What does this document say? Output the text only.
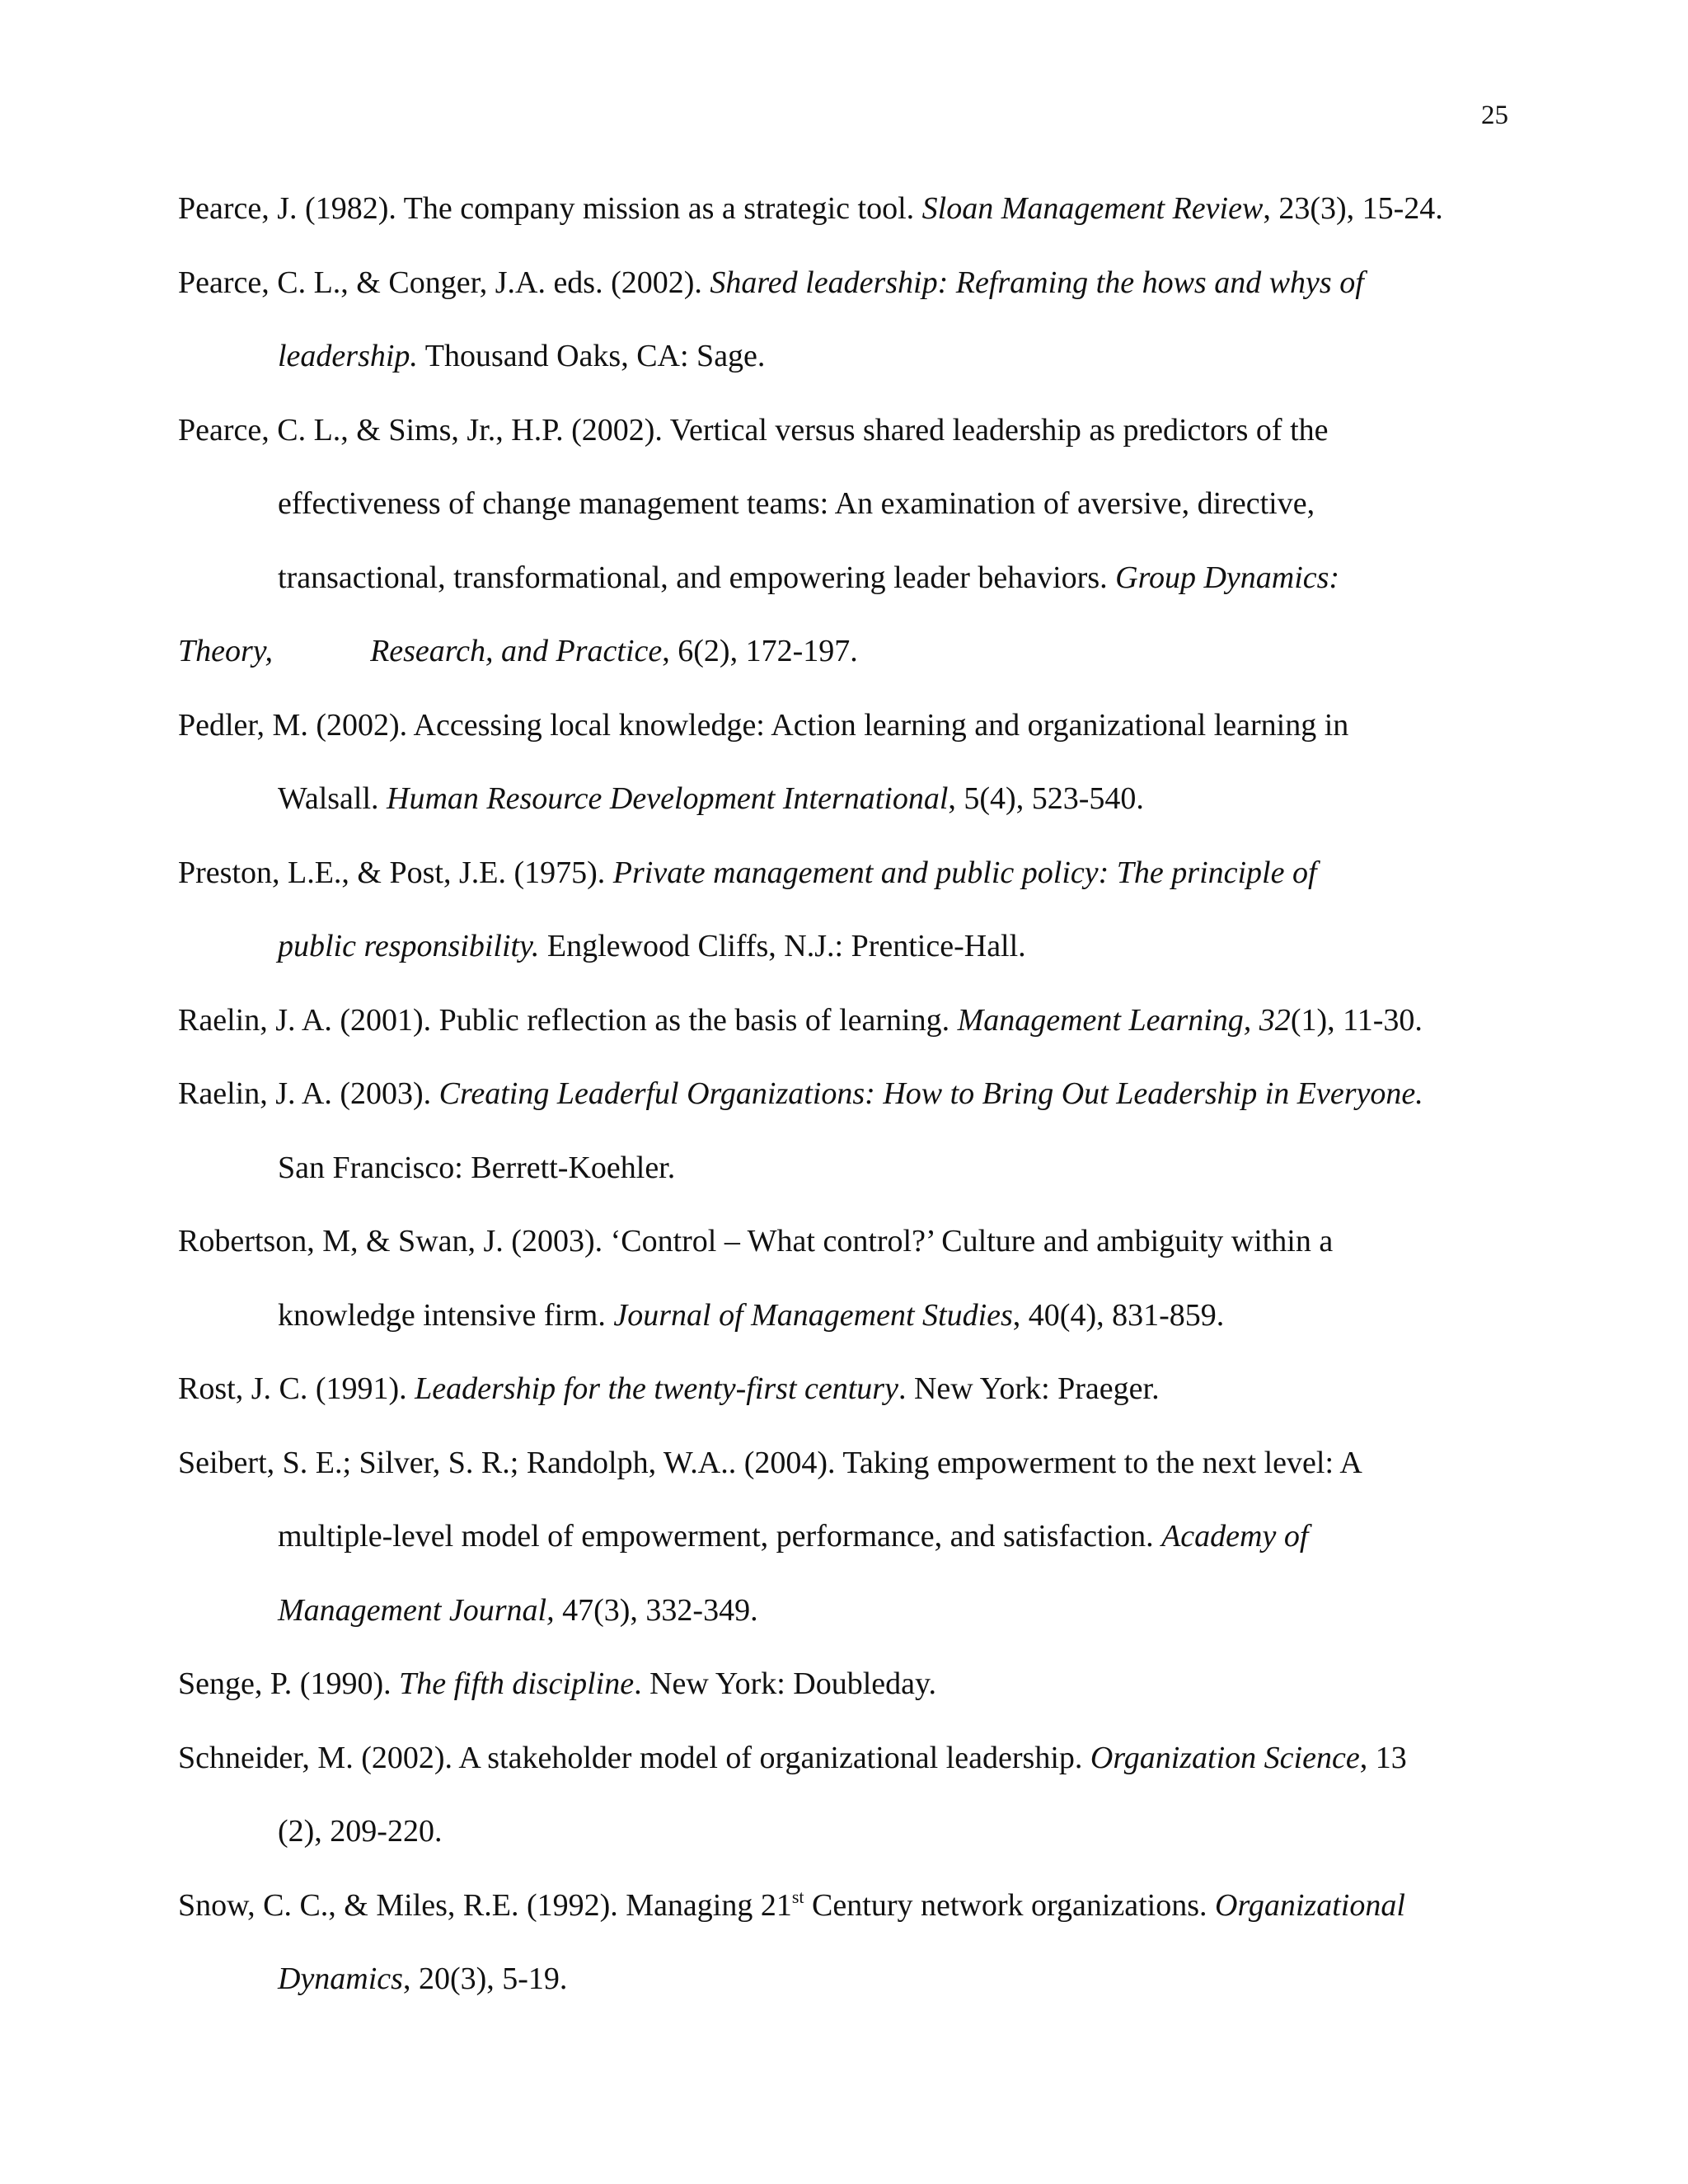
25
Pearce, J. (1982). The company mission as a strategic tool. Sloan Management Review, 23(3), 15-24.
Pearce, C. L., & Conger, J.A. eds. (2002). Shared leadership: Reframing the hows and whys of
leadership. Thousand Oaks, CA: Sage.
Pearce, C. L., & Sims, Jr., H.P. (2002). Vertical versus shared leadership as predictors of the
effectiveness of change management teams: An examination of aversive, directive,
transactional, transformational, and empowering leader behaviors. Group Dynamics:
Theory,	Research, and Practice, 6(2), 172-197.
Pedler, M. (2002). Accessing local knowledge: Action learning and organizational learning in
Walsall. Human Resource Development International, 5(4), 523-540.
Preston, L.E., & Post, J.E. (1975). Private management and public policy: The principle of
public responsibility. Englewood Cliffs, N.J.: Prentice-Hall.
Raelin, J. A. (2001). Public reflection as the basis of learning. Management Learning, 32(1), 11-30.
Raelin, J. A. (2003). Creating Leaderful Organizations: How to Bring Out Leadership in Everyone.
San Francisco: Berrett-Koehler.
Robertson, M, & Swan, J. (2003). ‘Control – What control?’ Culture and ambiguity within a
knowledge intensive firm. Journal of Management Studies, 40(4), 831-859.
Rost, J. C. (1991). Leadership for the twenty-first century. New York: Praeger.
Seibert, S. E.; Silver, S. R.; Randolph, W.A.. (2004). Taking empowerment to the next level: A
multiple-level model of empowerment, performance, and satisfaction. Academy of
Management Journal, 47(3), 332-349.
Senge, P. (1990). The fifth discipline. New York: Doubleday.
Schneider, M. (2002). A stakeholder model of organizational leadership. Organization Science, 13
(2), 209-220.
Snow, C. C., & Miles, R.E. (1992). Managing 21st Century network organizations. Organizational
Dynamics, 20(3), 5-19.
